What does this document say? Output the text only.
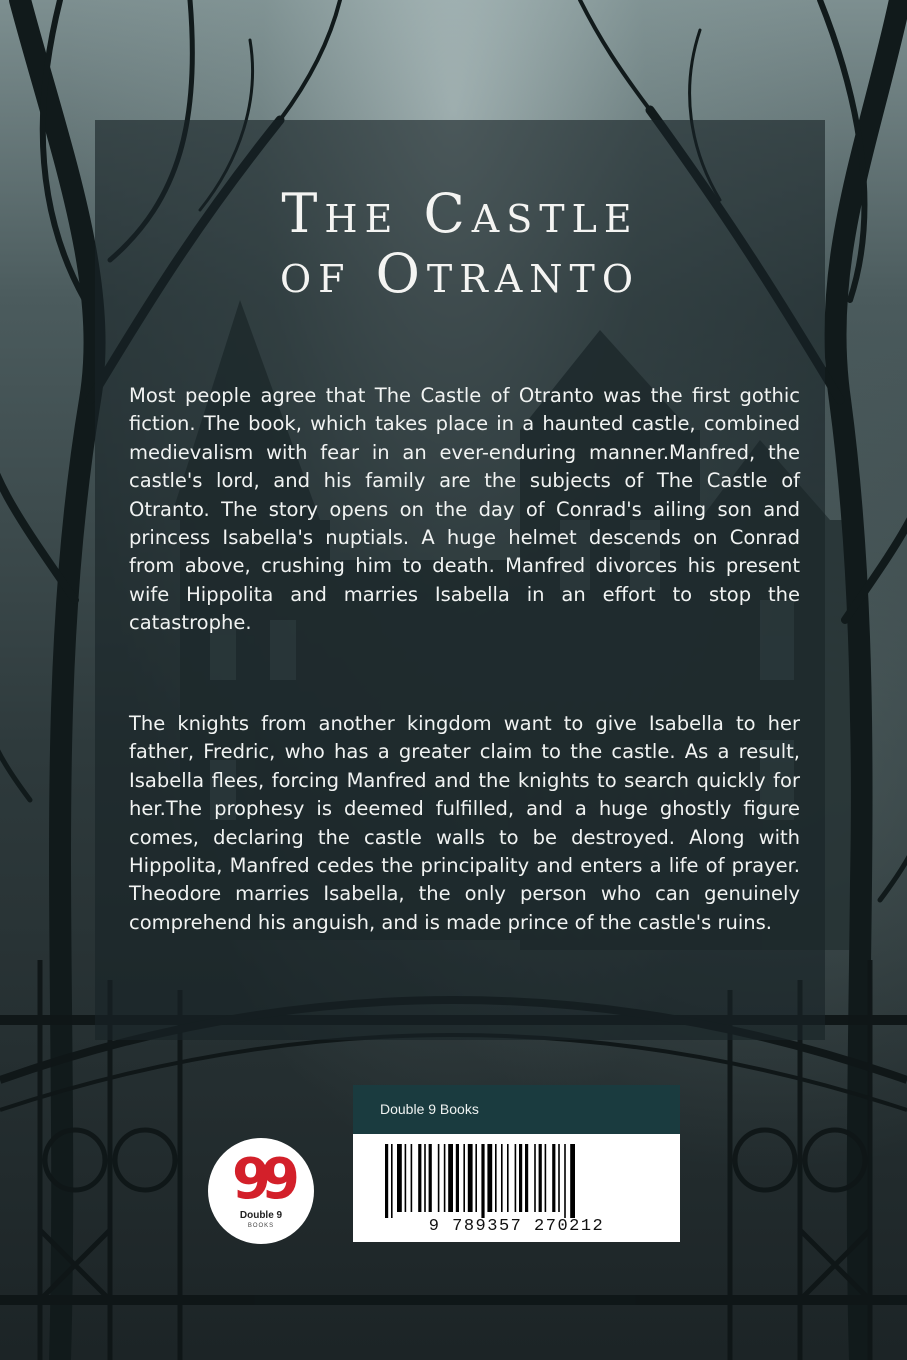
The Castle
of Otranto

Most people agree that The Castle of Otranto was the first gothic fiction. The book, which takes place in a haunted castle, combined medievalism with fear in an ever-enduring manner.Manfred, the castle's lord, and his family are the subjects of The Castle of Otranto. The story opens on the day of Conrad's ailing son and princess Isabella's nuptials. A huge helmet descends on Conrad from above, crushing him to death. Manfred divorces his present wife Hippolita and marries Isabella in an effort to stop the catastrophe.

The knights from another kingdom want to give Isabella to her father, Fredric, who has a greater claim to the castle. As a result, Isabella flees, forcing Manfred and the knights to search quickly for her.The prophesy is deemed fulfilled, and a huge ghostly figure comes, declaring the castle walls to be destroyed. Along with Hippolita, Manfred cedes the principality and enters a life of prayer. Theodore marries Isabella, the only person who can genuinely comprehend his anguish, and is made prince of the castle's ruins.

Double 9 Books
9 789357 270212
99
Double 9
BOOKS
